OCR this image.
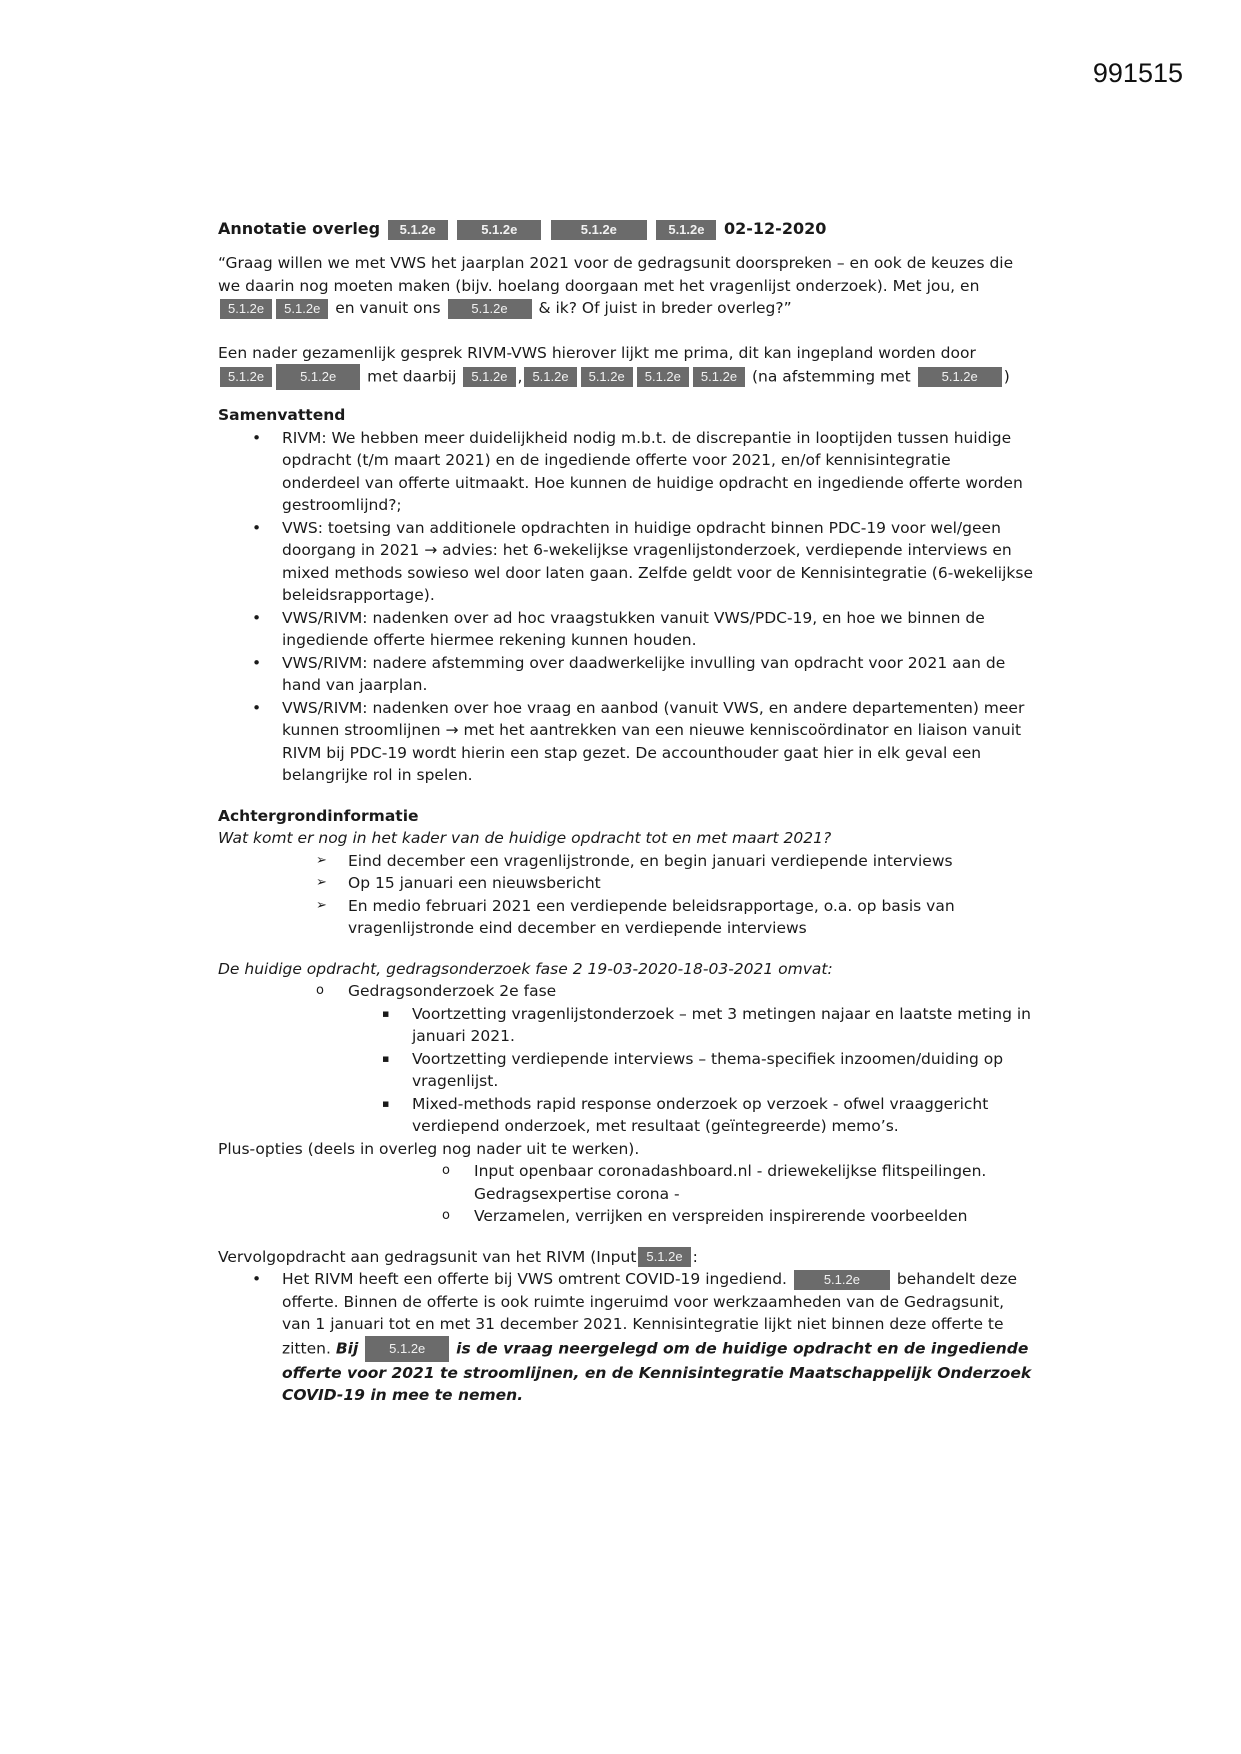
991515
Annotatie overleg 5.1.2e	5.1.2e	5.1.2e	5.1.2e 02-12-2020

“Graag willen we met VWS het jaarplan 2021 voor de gedragsunit doorspreken – en ook de keuzes die we daarin nog moeten maken (bijv. hoelang doorgaan met het vragenlijst onderzoek). Met jou, en5.1.2e 5.1.2e en vanuit ons 5.1.2e & ik? Of juist in breder overleg?”

Een nader gezamenlijk gesprek RIVM-VWS hierover lijkt me prima, dit kan ingepland worden door
5.1.2e	5.1.2e met daarbij 5.1.2e , 5.1.2e 5.1.2e 5.1.2e 5.1.2e (na afstemming met 5.1.2e )

Samenvattend
• RIVM: We hebben meer duidelijkheid nodig m.b.t. de discrepantie in looptijden tussen huidige opdracht (t/m maart 2021) en de ingediende offerte voor 2021, en/of kennisintegratie onderdeel van offerte uitmaakt. Hoe kunnen de huidige opdracht en ingediende offerte worden gestroomlijnd?;
• VWS: toetsing van additionele opdrachten in huidige opdracht binnen PDC-19 voor wel/geen doorgang in 2021 → advies: het 6-wekelijkse vragenlijstonderzoek, verdiepende interviews en mixed methods sowieso wel door laten gaan. Zelfde geldt voor de Kennisintegratie (6-wekelijkse beleidsrapportage).
• VWS/RIVM: nadenken over ad hoc vraagstukken vanuit VWS/PDC-19, en hoe we binnen de ingediende offerte hiermee rekening kunnen houden.
• VWS/RIVM: nadere afstemming over daadwerkelijke invulling van opdracht voor 2021 aan de hand van jaarplan.
• VWS/RIVM: nadenken over hoe vraag en aanbod (vanuit VWS, en andere departementen) meer kunnen stroomlijnen → met het aantrekken van een nieuwe kenniscoördinator en liaison vanuit RIVM bij PDC-19 wordt hierin een stap gezet. De accounthouder gaat hier in elk geval een belangrijke rol in spelen.
Achtergrondinformatie
Wat komt er nog in het kader van de huidige opdracht tot en met maart 2021?
➢ Eind december een vragenlijstronde, en begin januari verdiepende interviews
➢ Op 15 januari een nieuwsbericht
➢ En medio februari 2021 een verdiepende beleidsrapportage, o.a. op basis van vragenlijstronde eind december en verdiepende interviews
De huidige opdracht, gedragsonderzoek fase 2 19-03-2020-18-03-2021 omvat:
o Gedragsonderzoek 2e fase
▪ Voortzetting vragenlijstonderzoek – met 3 metingen najaar en laatste meting in januari 2021.
▪ Voortzetting verdiepende interviews – thema-specifiek inzoomen/duiding op vragenlijst.
▪ Mixed-methods rapid response onderzoek op verzoek - ofwel vraaggericht verdiepend onderzoek, met resultaat (geïntegreerde) memo’s.

Plus-opties (deels in overleg nog nader uit te werken).

o Input openbaar coronadashboard.nl - driewekelijkse flitspeilingen. Gedragsexpertise corona -
o Verzamelen, verrijken en verspreiden inspirerende voorbeelden

Vervolgopdracht aan gedragsunit van het RIVM (Input 5.1.2e :

• Het RIVM heeft een offerte bij VWS omtrent COVID-19 ingediend.	5.1.2e behandelt deze offerte. Binnen de offerte is ook ruimte ingeruimd voor werkzaamheden van de Gedragsunit, van 1 januari tot en met 31 december 2021. Kennisintegratie lijkt niet binnen deze offerte te zitten. Bij 5.1.2e is de vraag neergelegd om de huidige opdracht en de ingediende offerte voor 2021 te stroomlijnen, en de Kennisintegratie Maatschappelijk Onderzoek COVID-19 in mee te nemen.
